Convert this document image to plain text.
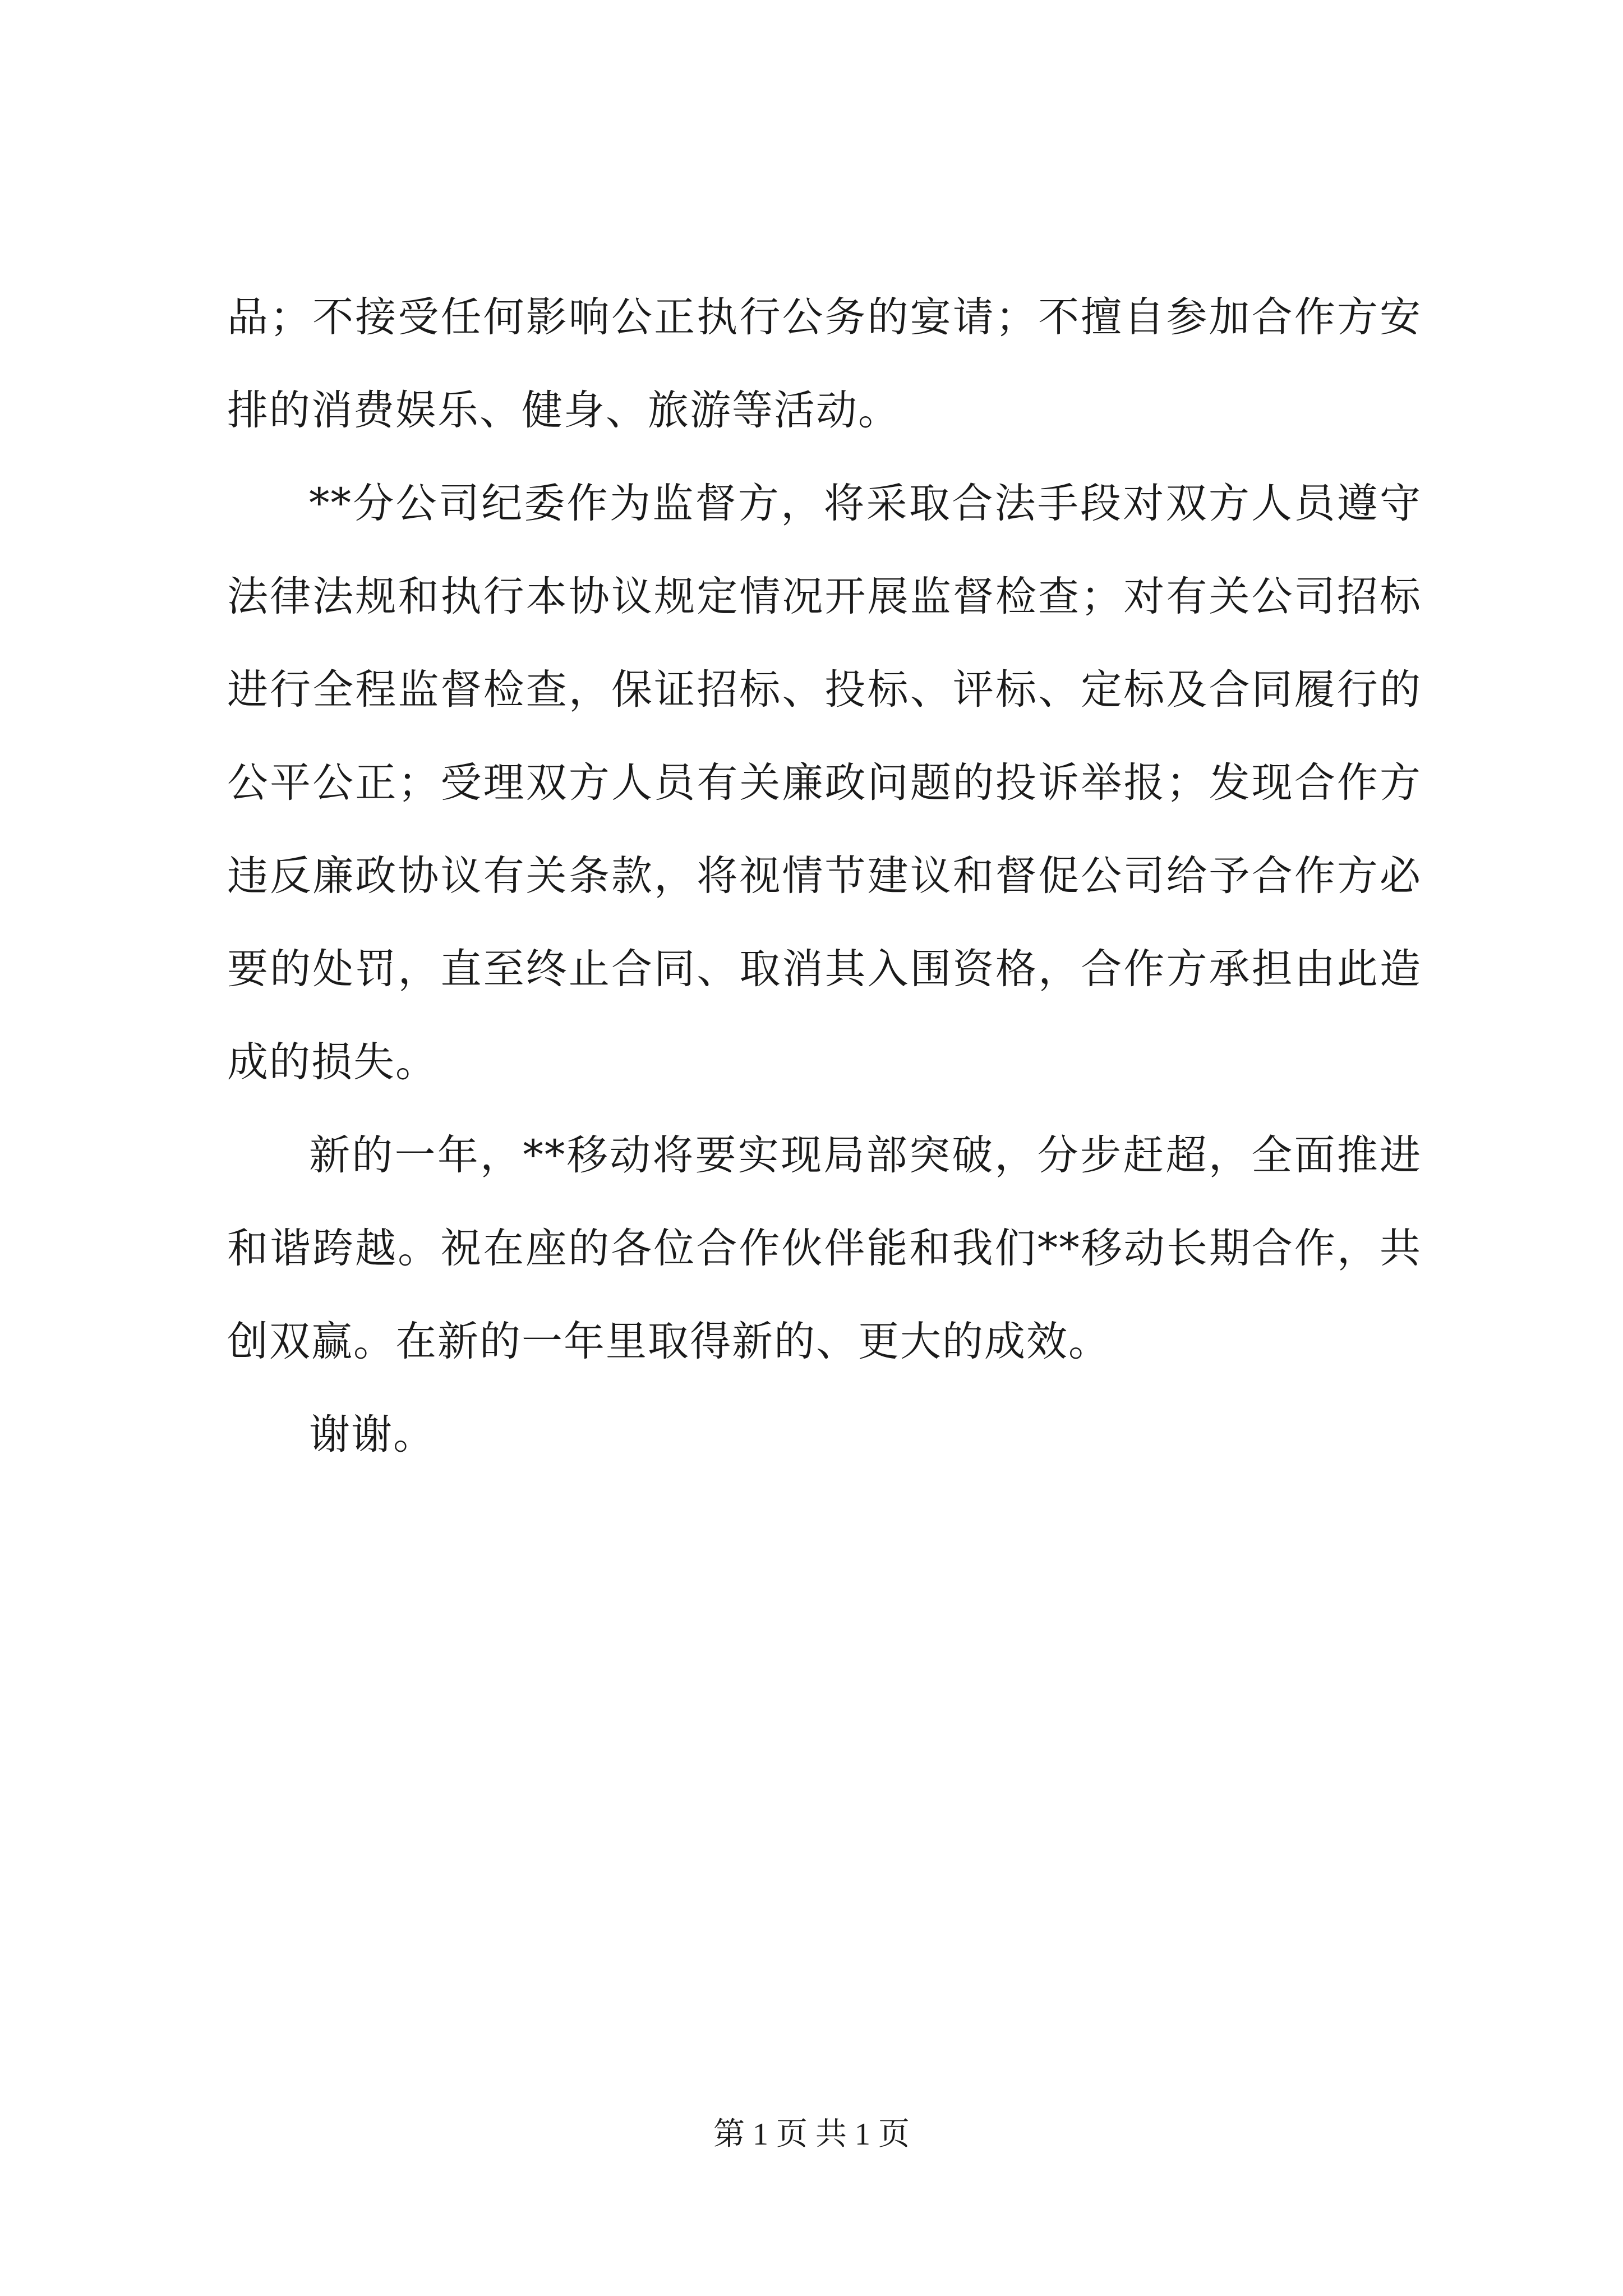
品；不接受任何影响公正执行公务的宴请；不擅自参加合作方安排的消费娱乐、健身、旅游等活动。

**分公司纪委作为监督方，将采取合法手段对双方人员遵守法律法规和执行本协议规定情况开展监督检查；对有关公司招标进行全程监督检查，保证招标、投标、评标、定标及合同履行的公平公正；受理双方人员有关廉政问题的投诉举报；发现合作方违反廉政协议有关条款，将视情节建议和督促公司给予合作方必要的处罚，直至终止合同、取消其入围资格，合作方承担由此造成的损失。

新的一年，**移动将要实现局部突破，分步赶超，全面推进和谐跨越。祝在座的各位合作伙伴能和我们**移动长期合作，共创双赢。在新的一年里取得新的、更大的成效。

谢谢。

第 1 页 共 1 页
